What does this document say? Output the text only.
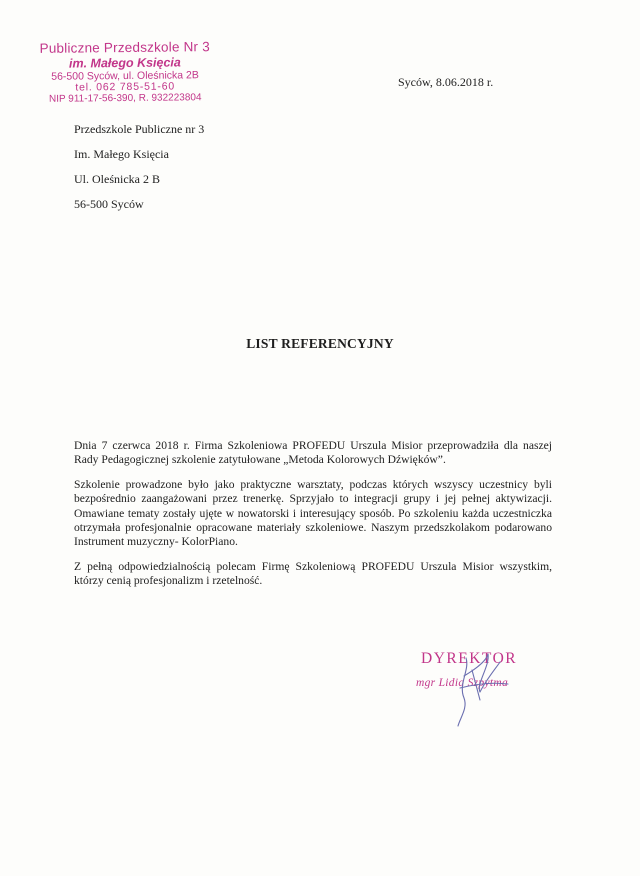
Publiczne Przedszkole Nr 3
im. Małego Księcia
56-500 Syców, ul. Oleśnicka 2B
tel. 062 785-51-60
NIP 911-17-56-390, R. 932223804
Syców, 8.06.2018 r.
Przedszkole Publiczne nr 3
Im. Małego Księcia
Ul. Oleśnicka 2 B
56-500 Syców
LIST REFERENCYJNY

Dnia 7 czerwca 2018 r. Firma Szkoleniowa PROFEDU Urszula Misior przeprowadziła dla naszej Rady Pedagogicznej szkolenie zatytułowane „Metoda Kolorowych Dźwięków”.

Szkolenie prowadzone było jako praktyczne warsztaty, podczas których wszyscy uczestnicy byli bezpośrednio zaangażowani przez trenerkę. Sprzyjało to integracji grupy i jej pełnej aktywizacji. Omawiane tematy zostały ujęte w nowatorski i interesujący sposób. Po szkoleniu każda uczestniczka otrzymała profesjonalnie opracowane materiały szkoleniowe. Naszym przedszkolakom podarowano Instrument muzyczny- KolorPiano.

Z pełną odpowiedzialnością polecam Firmę Szkoleniową PROFEDU Urszula Misior wszystkim, którzy cenią profesjonalizm i rzetelność.

DYREKTOR
mgr Lidia Szpytma
